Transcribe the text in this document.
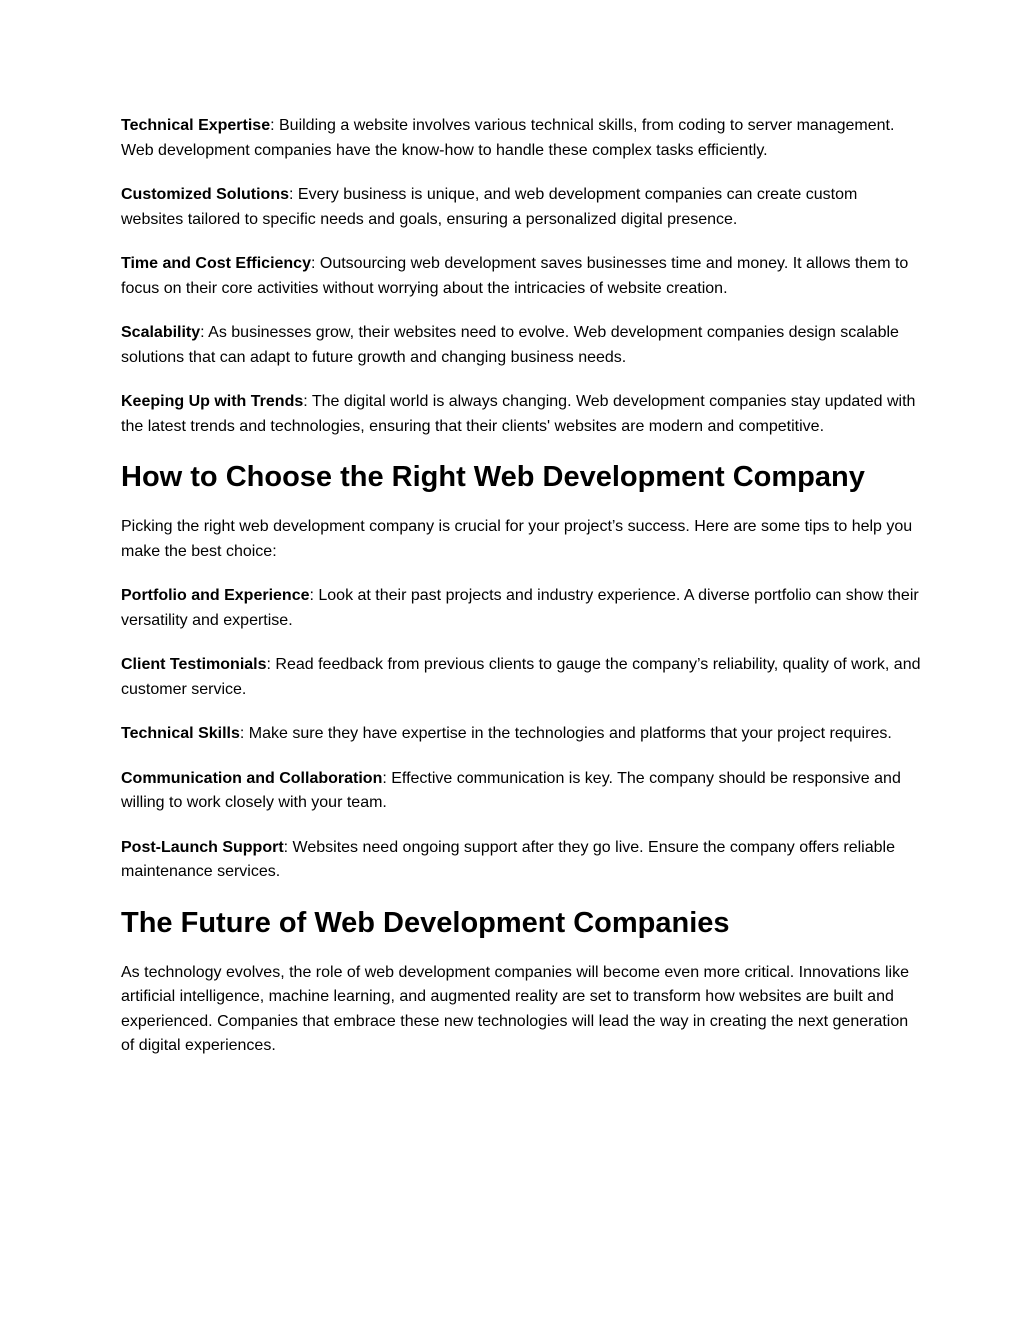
Technical Expertise: Building a website involves various technical skills, from coding to server management. Web development companies have the know-how to handle these complex tasks efficiently.

Customized Solutions: Every business is unique, and web development companies can create custom websites tailored to specific needs and goals, ensuring a personalized digital presence.

Time and Cost Efficiency: Outsourcing web development saves businesses time and money. It allows them to focus on their core activities without worrying about the intricacies of website creation.

Scalability: As businesses grow, their websites need to evolve. Web development companies design scalable solutions that can adapt to future growth and changing business needs.

Keeping Up with Trends: The digital world is always changing. Web development companies stay updated with the latest trends and technologies, ensuring that their clients' websites are modern and competitive.

How to Choose the Right Web Development Company

Picking the right web development company is crucial for your project’s success. Here are some tips to help you make the best choice:

Portfolio and Experience: Look at their past projects and industry experience. A diverse portfolio can show their versatility and expertise.

Client Testimonials: Read feedback from previous clients to gauge the company’s reliability, quality of work, and customer service.

Technical Skills: Make sure they have expertise in the technologies and platforms that your project requires.

Communication and Collaboration: Effective communication is key. The company should be responsive and willing to work closely with your team.

Post-Launch Support: Websites need ongoing support after they go live. Ensure the company offers reliable maintenance services.

The Future of Web Development Companies

As technology evolves, the role of web development companies will become even more critical. Innovations like artificial intelligence, machine learning, and augmented reality are set to transform how websites are built and experienced. Companies that embrace these new technologies will lead the way in creating the next generation of digital experiences.
